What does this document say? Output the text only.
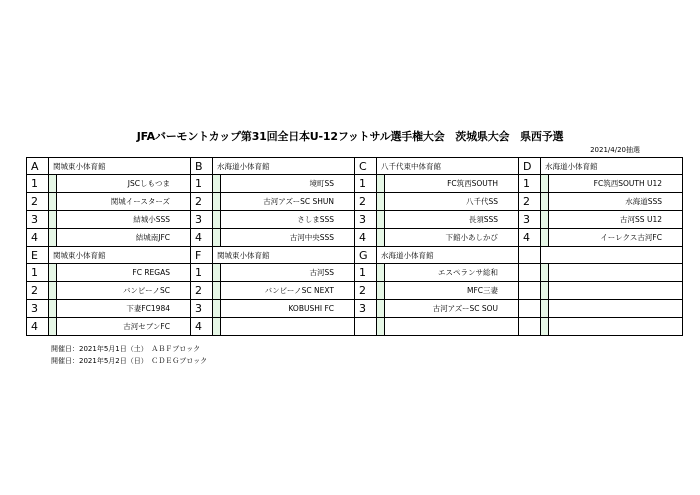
JFAバーモントカップ第31回全日本U-12フットサル選手権大会　茨城県大会　県西予選
2021/4/20抽選
A	関城東小体育館		B	水海道小体育館		C	八千代東中体育館		D	水海道小体育館	
1		JSCしもつま	1		境町SS	1		FC筑西SOUTH	1		FC筑西SOUTH U12
2		関城イースターズ	2		古河アズーSC SHUN	2		八千代SS	2		水海道SSS
3		結城小SSS	3		さしまSSS	3		長須SSS	3		古河SS U12
4		結城南JFC	4		古河中央SSS	4		下館小あしかび	4		イーレクス古河FC
E	関城東小体育館		F	関城東小体育館		G	水海道小体育館				
1		FC REGAS	1		古河SS	1		エスペランサ総和			
2		バンビーノSC	2		バンビーノSC NEXT	2		MFC三妻			
3		下妻FC1984	3		KOBUSHI FC	3		古河アズーSC SOU			
4		古河セブンFC	4								
開催日：2021年5月1日（土）　ＡＢＦブロック
開催日：2021年5月2日（日）　ＣＤＥＧブロック
